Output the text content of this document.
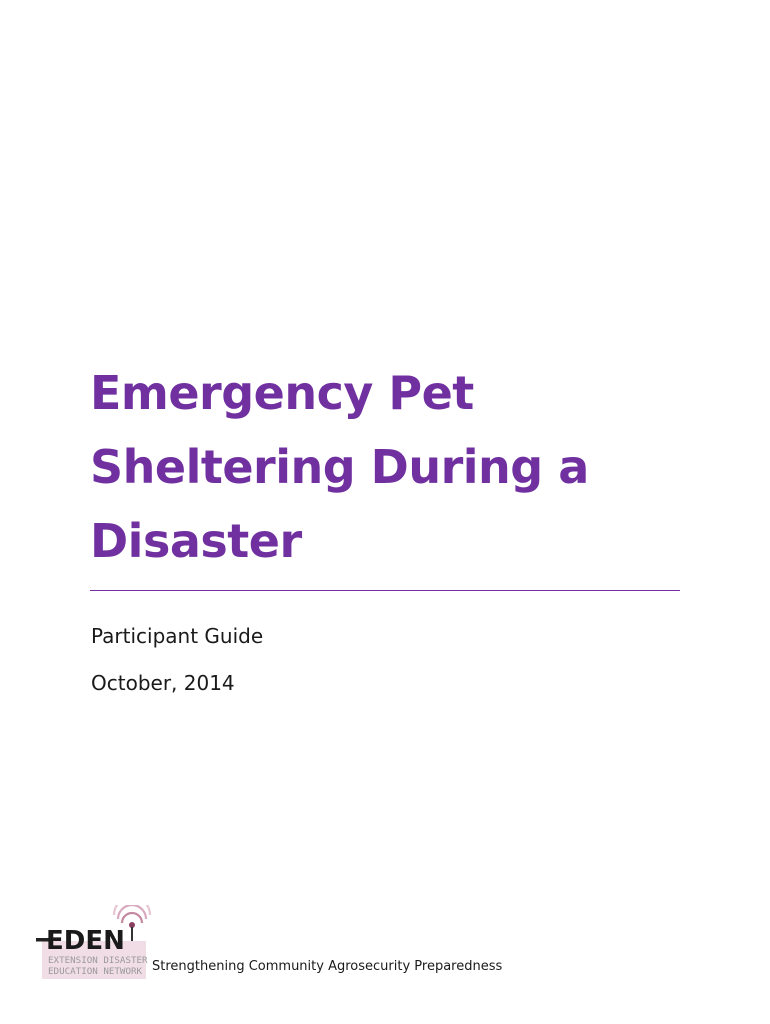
Emergency Pet
Sheltering During a
Disaster
Participant Guide
October, 2014
EDEN
EXTENSION DISASTER
EDUCATION NETWORK Strengthening Community Agrosecurity Preparedness
